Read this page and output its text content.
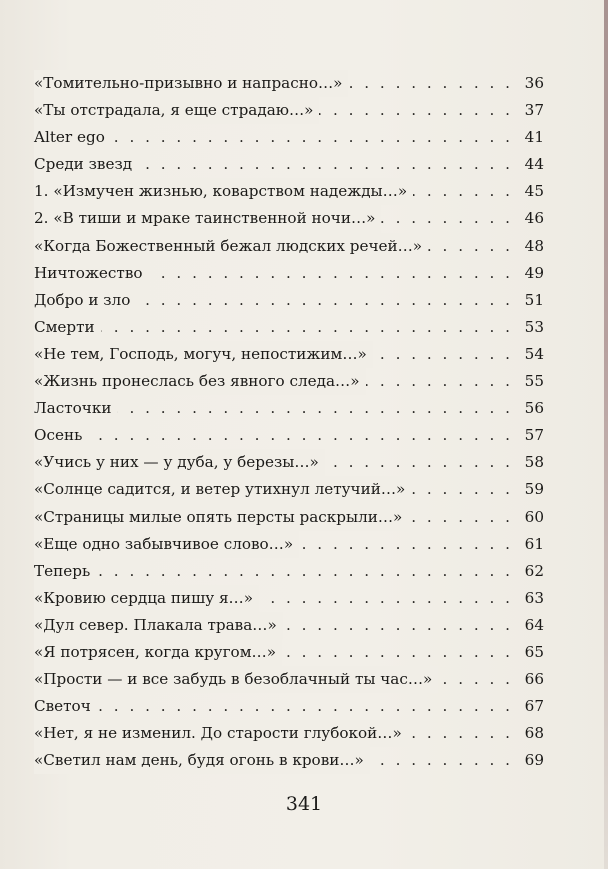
. . .
«Томительно-призывно и напрасно…»	36
. . .
«Ты отстрадала, я еще страдаю…»	37
. . .
Alter ego	41
. . .
Среди звезд	44
. . .
1. «Измучен жизнью, коварством надежды…»	45
. . .
2. «В тиши и мраке таинственной ночи…»	46
. . .
«Когда Божественный бежал людских речей…»	48
. . .
Ничтожество	49
. . .
Добро и зло	51
. . .
Смерти	53
. . .
«Не тем, Господь, могуч, непостижим…»	54
. . .
«Жизнь пронеслась без явного следа…»	55
. . .
Ласточки	56
. . .
Осень	57
. . .
«Учись у них — у дуба, у березы…»	58
. . .
«Солнце садится, и ветер утихнул летучий…»	59
. . .
«Страницы милые опять персты раскрыли…»	60
. . .
«Еще одно забывчивое слово…»	61
. . .
Теперь	62
. . .
«Кровию сердца пишу я…»	63
. . .
«Дул север. Плакала трава…»	64
. . .
«Я потрясен, когда кругом…»	65
. . .
«Прости — и все забудь в безоблачный ты час…»	66
. . .
Светоч	67
. . .
«Нет, я не изменил. До старости глубокой…»	68
. . .
«Светил нам день, будя огонь в крови…»	69
341
